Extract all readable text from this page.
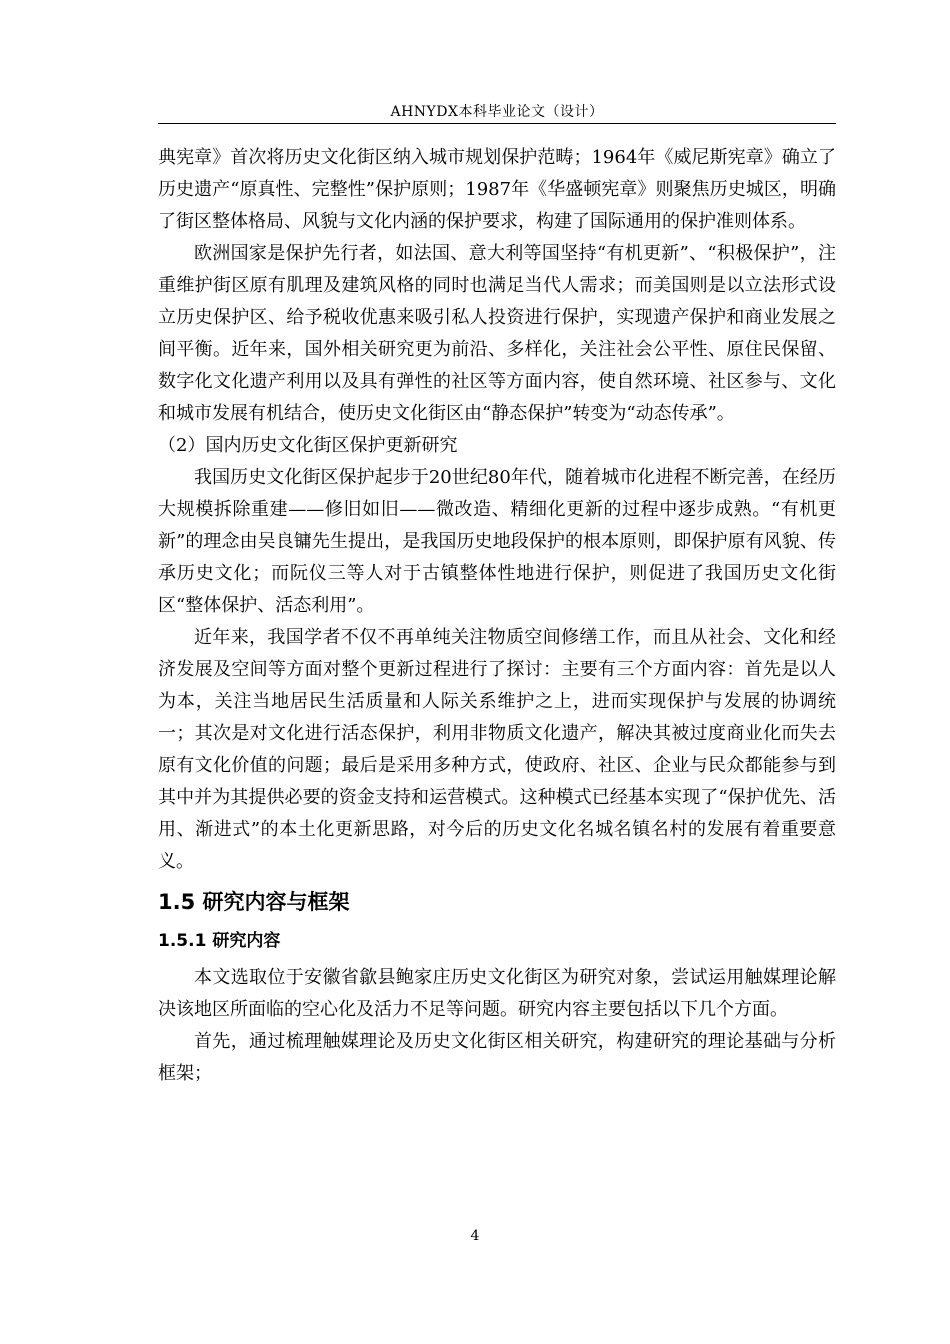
AHNYDX本科毕业论文（设计）

典宪章》首次将历史文化街区纳入城市规划保护范畴；1964年《威尼斯宪章》确立了历史遗产“原真性、完整性”保护原则；1987年《华盛顿宪章》则聚焦历史城区，明确了街区整体格局、风貌与文化内涵的保护要求，构建了国际通用的保护准则体系。

欧洲国家是保护先行者，如法国、意大利等国坚持“有机更新”、“积极保护”，注重维护街区原有肌理及建筑风格的同时也满足当代人需求；而美国则是以立法形式设立历史保护区、给予税收优惠来吸引私人投资进行保护，实现遗产保护和商业发展之间平衡。近年来，国外相关研究更为前沿、多样化，关注社会公平性、原住民保留、数字化文化遗产利用以及具有弹性的社区等方面内容，使自然环境、社区参与、文化和城市发展有机结合，使历史文化街区由“静态保护”转变为“动态传承”。

（2）国内历史文化街区保护更新研究

我国历史文化街区保护起步于20世纪80年代，随着城市化进程不断完善，在经历大规模拆除重建——修旧如旧——微改造、精细化更新的过程中逐步成熟。“有机更新”的理念由吴良镛先生提出，是我国历史地段保护的根本原则，即保护原有风貌、传承历史文化；而阮仪三等人对于古镇整体性地进行保护，则促进了我国历史文化街区“整体保护、活态利用”。

近年来，我国学者不仅不再单纯关注物质空间修缮工作，而且从社会、文化和经济发展及空间等方面对整个更新过程进行了探讨：主要有三个方面内容：首先是以人为本，关注当地居民生活质量和人际关系维护之上，进而实现保护与发展的协调统一；其次是对文化进行活态保护，利用非物质文化遗产，解决其被过度商业化而失去原有文化价值的问题；最后是采用多种方式，使政府、社区、企业与民众都能参与到其中并为其提供必要的资金支持和运营模式。这种模式已经基本实现了“保护优先、活用、渐进式”的本土化更新思路，对今后的历史文化名城名镇名村的发展有着重要意义。

1.5 研究内容与框架
1.5.1 研究内容

本文选取位于安徽省歙县鲍家庄历史文化街区为研究对象，尝试运用触媒理论解决该地区所面临的空心化及活力不足等问题。研究内容主要包括以下几个方面。

首先，通过梳理触媒理论及历史文化街区相关研究，构建研究的理论基础与分析框架；

4
